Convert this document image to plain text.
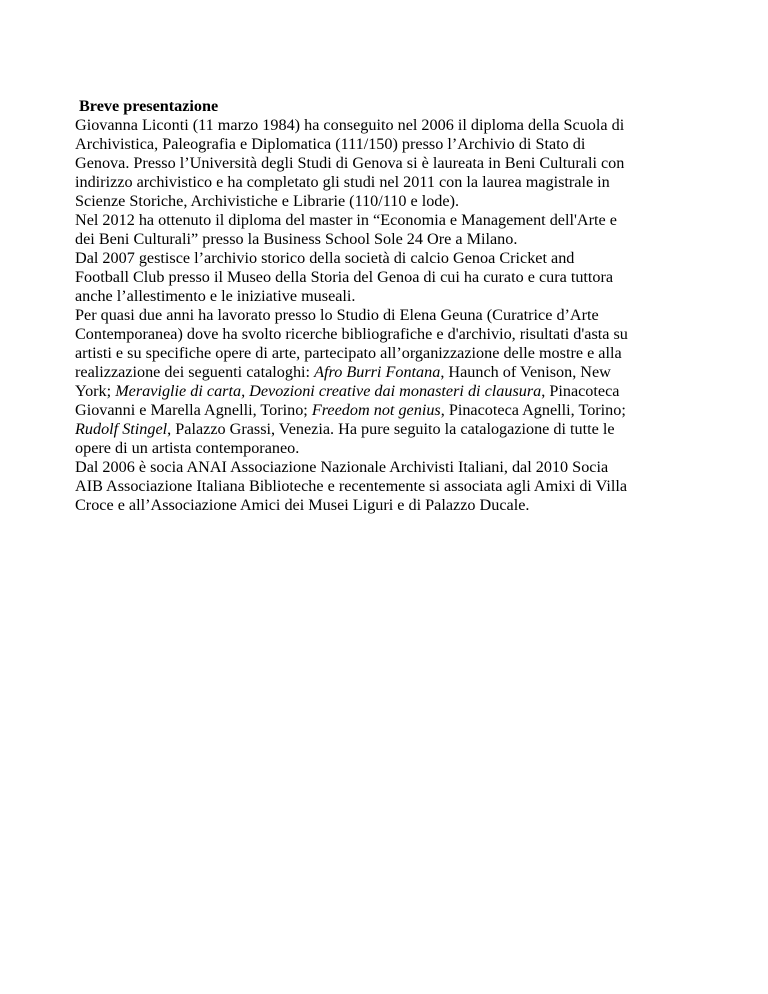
Breve presentazione

Giovanna Liconti (11 marzo 1984) ha conseguito nel 2006 il diploma della Scuola di
Archivistica, Paleografia e Diplomatica (111/150) presso l’Archivio di Stato di
Genova. Presso l’Università degli Studi di Genova si è laureata in Beni Culturali con
indirizzo archivistico e ha completato gli studi nel 2011 con la laurea magistrale in
Scienze Storiche, Archivistiche e Librarie (110/110 e lode).

Nel 2012 ha ottenuto il diploma del master in “Economia e Management dell'Arte e
dei Beni Culturali” presso la Business School Sole 24 Ore a Milano.

Dal 2007 gestisce l’archivio storico della società di calcio Genoa Cricket and
Football Club presso il Museo della Storia del Genoa di cui ha curato e cura tuttora
anche l’allestimento e le iniziative museali.

Per quasi due anni ha lavorato presso lo Studio di Elena Geuna (Curatrice d’Arte
Contemporanea) dove ha svolto ricerche bibliografiche e d'archivio, risultati d'asta su
artisti e su specifiche opere di arte, partecipato all’organizzazione delle mostre e alla
realizzazione dei seguenti cataloghi: Afro Burri Fontana, Haunch of Venison, New
York; Meraviglie di carta, Devozioni creative dai monasteri di clausura, Pinacoteca
Giovanni e Marella Agnelli, Torino; Freedom not genius, Pinacoteca Agnelli, Torino;
Rudolf Stingel, Palazzo Grassi, Venezia. Ha pure seguito la catalogazione di tutte le
opere di un artista contemporaneo.

Dal 2006 è socia ANAI Associazione Nazionale Archivisti Italiani, dal 2010 Socia
AIB Associazione Italiana Biblioteche e recentemente si associata agli Amixi di Villa
Croce e all’Associazione Amici dei Musei Liguri e di Palazzo Ducale.
